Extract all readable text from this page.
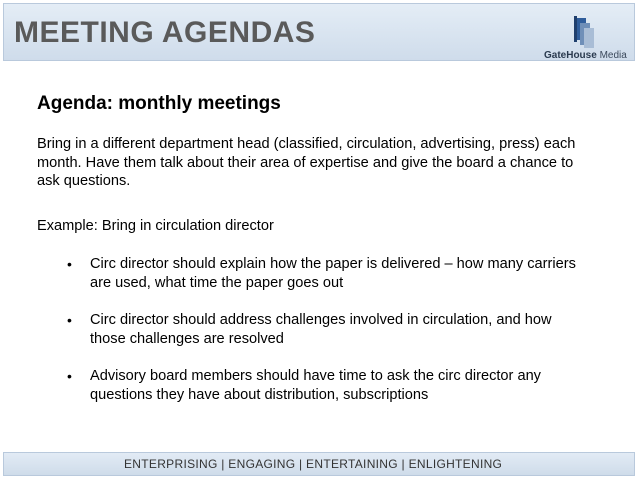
MEETING AGENDAS
GateHouse Media
Agenda: monthly meetings

Bring in a different department head (classified, circulation, advertising, press) each month. Have them talk about their area of expertise and give the board a chance to ask questions.

Example: Bring in circulation director
• Circ director should explain how the paper is delivered – how many carriers are used, what time the paper goes out
• Circ director should address challenges involved in circulation, and how those challenges are resolved
• Advisory board members should have time to ask the circ director any questions they have about distribution, subscriptions
ENTERPRISING | ENGAGING | ENTERTAINING | ENLIGHTENING
